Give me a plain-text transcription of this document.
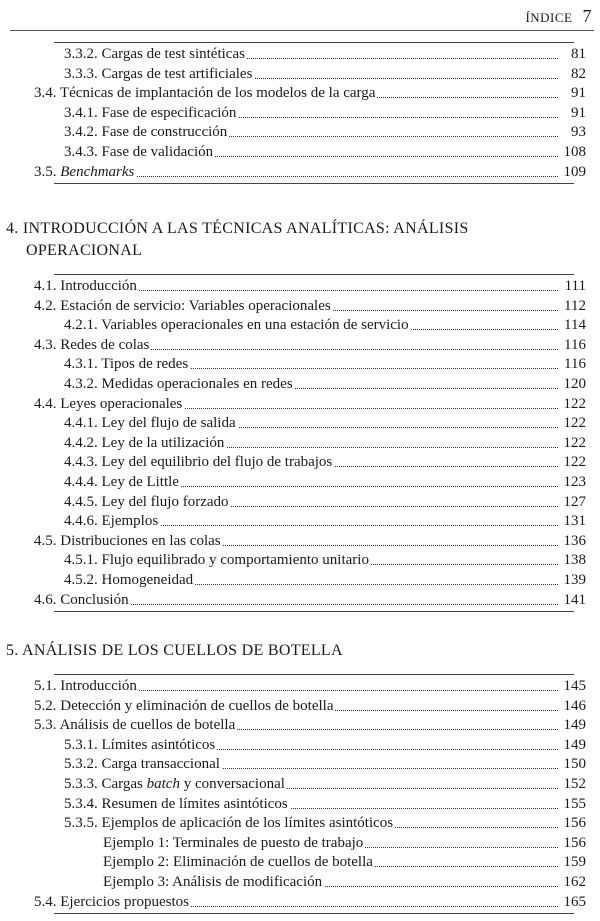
ÍNDICE 7
3.3.2. Cargas de test sintéticas	81
3.3.3. Cargas de test artificiales	82
3.4. Técnicas de implantación de los modelos de la carga	91
3.4.1. Fase de especificación	91
3.4.2. Fase de construcción	93
3.4.3. Fase de validación	108
3.5. Benchmarks	109
4. INTRODUCCIÓN A LAS TÉCNICAS ANALÍTICAS: ANÁLISIS
OPERACIONAL
4.1. Introducción	111
4.2. Estación de servicio: Variables operacionales	112
4.2.1. Variables operacionales en una estación de servicio	114
4.3. Redes de colas	116
4.3.1. Tipos de redes	116
4.3.2. Medidas operacionales en redes	120
4.4. Leyes operacionales	122
4.4.1. Ley del flujo de salida	122
4.4.2. Ley de la utilización	122
4.4.3. Ley del equilibrio del flujo de trabajos	122
4.4.4. Ley de Little	123
4.4.5. Ley del flujo forzado	127
4.4.6. Ejemplos	131
4.5. Distribuciones en las colas	136
4.5.1. Flujo equilibrado y comportamiento unitario	138
4.5.2. Homogeneidad	139
4.6. Conclusión	141
5. ANÁLISIS DE LOS CUELLOS DE BOTELLA
5.1. Introducción	145
5.2. Detección y eliminación de cuellos de botella	146
5.3. Análisis de cuellos de botella	149
5.3.1. Límites asintóticos	149
5.3.2. Carga transaccional	150
5.3.3. Cargas batch y conversacional	152
5.3.4. Resumen de límites asintóticos	155
5.3.5. Ejemplos de aplicación de los límites asintóticos	156
Ejemplo 1: Terminales de puesto de trabajo	156
Ejemplo 2: Eliminación de cuellos de botella	159
Ejemplo 3: Análisis de modificación	162
5.4. Ejercicios propuestos	165
